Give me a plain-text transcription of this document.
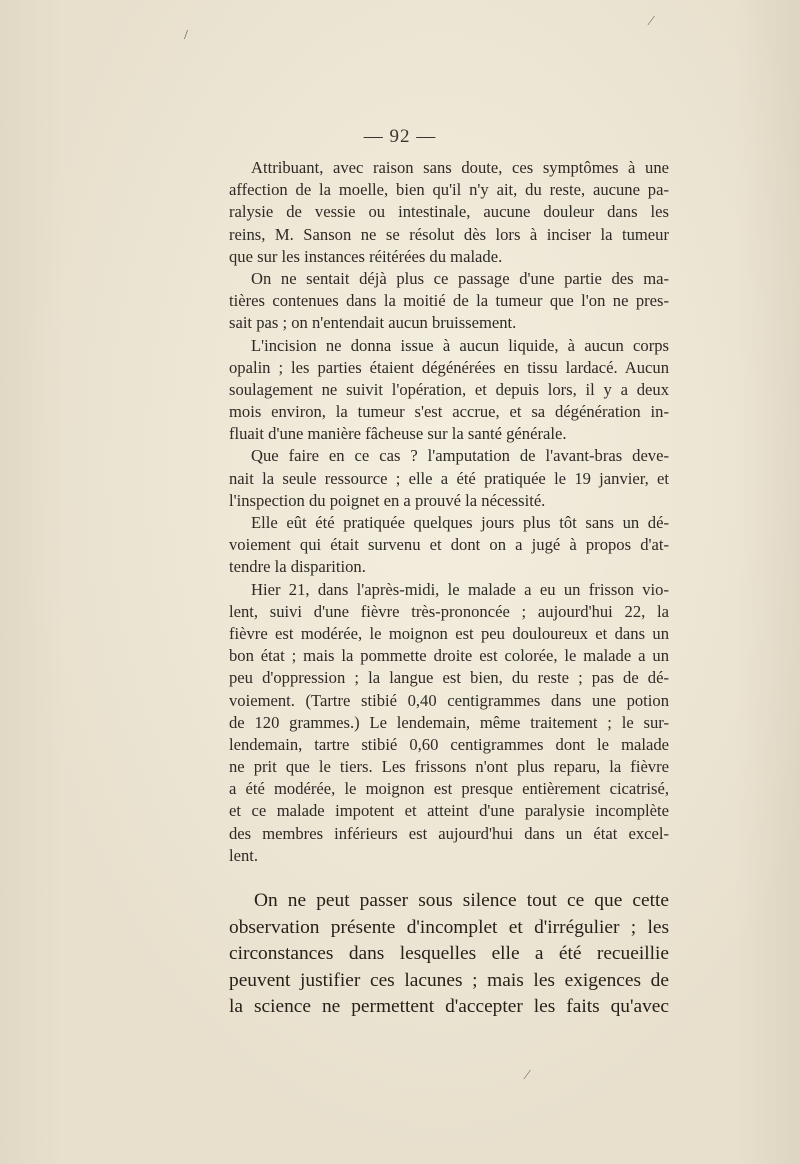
/
⁄
⁄
— 92 —
Attribuant, avec raison sans doute, ces symptômes à une
affection de la moelle, bien qu'il n'y ait, du reste, aucune pa-
ralysie de vessie ou intestinale, aucune douleur dans les
reins, M. Sanson ne se résolut dès lors à inciser la tumeur
que sur les instances réitérées du malade.
On ne sentait déjà plus ce passage d'une partie des ma-
tières contenues dans la moitié de la tumeur que l'on ne pres-
sait pas ; on n'entendait aucun bruissement.
L'incision ne donna issue à aucun liquide, à aucun corps
opalin ; les parties étaient dégénérées en tissu lardacé. Aucun
soulagement ne suivit l'opération, et depuis lors, il y a deux
mois environ, la tumeur s'est accrue, et sa dégénération in-
fluait d'une manière fâcheuse sur la santé générale.
Que faire en ce cas ? l'amputation de l'avant-bras deve-
nait la seule ressource ; elle a été pratiquée le 19 janvier, et
l'inspection du poignet en a prouvé la nécessité.
Elle eût été pratiquée quelques jours plus tôt sans un dé-
voiement qui était survenu et dont on a jugé à propos d'at-
tendre la disparition.
Hier 21, dans l'après-midi, le malade a eu un frisson vio-
lent, suivi d'une fièvre très-prononcée ; aujourd'hui 22, la
fièvre est modérée, le moignon est peu douloureux et dans un
bon état ; mais la pommette droite est colorée, le malade a un
peu d'oppression ; la langue est bien, du reste ; pas de dé-
voiement. (Tartre stibié 0,40 centigrammes dans une potion
de 120 grammes.) Le lendemain, même traitement ; le sur-
lendemain, tartre stibié 0,60 centigrammes dont le malade
ne prit que le tiers. Les frissons n'ont plus reparu, la fièvre
a été modérée, le moignon est presque entièrement cicatrisé,
et ce malade impotent et atteint d'une paralysie incomplète
des membres inférieurs est aujourd'hui dans un état excel-
lent.
On ne peut passer sous silence tout ce que cette
observation présente d'incomplet et d'irrégulier ; les
circonstances dans lesquelles elle a été recueillie
peuvent justifier ces lacunes ; mais les exigences de
la science ne permettent d'accepter les faits qu'avec
